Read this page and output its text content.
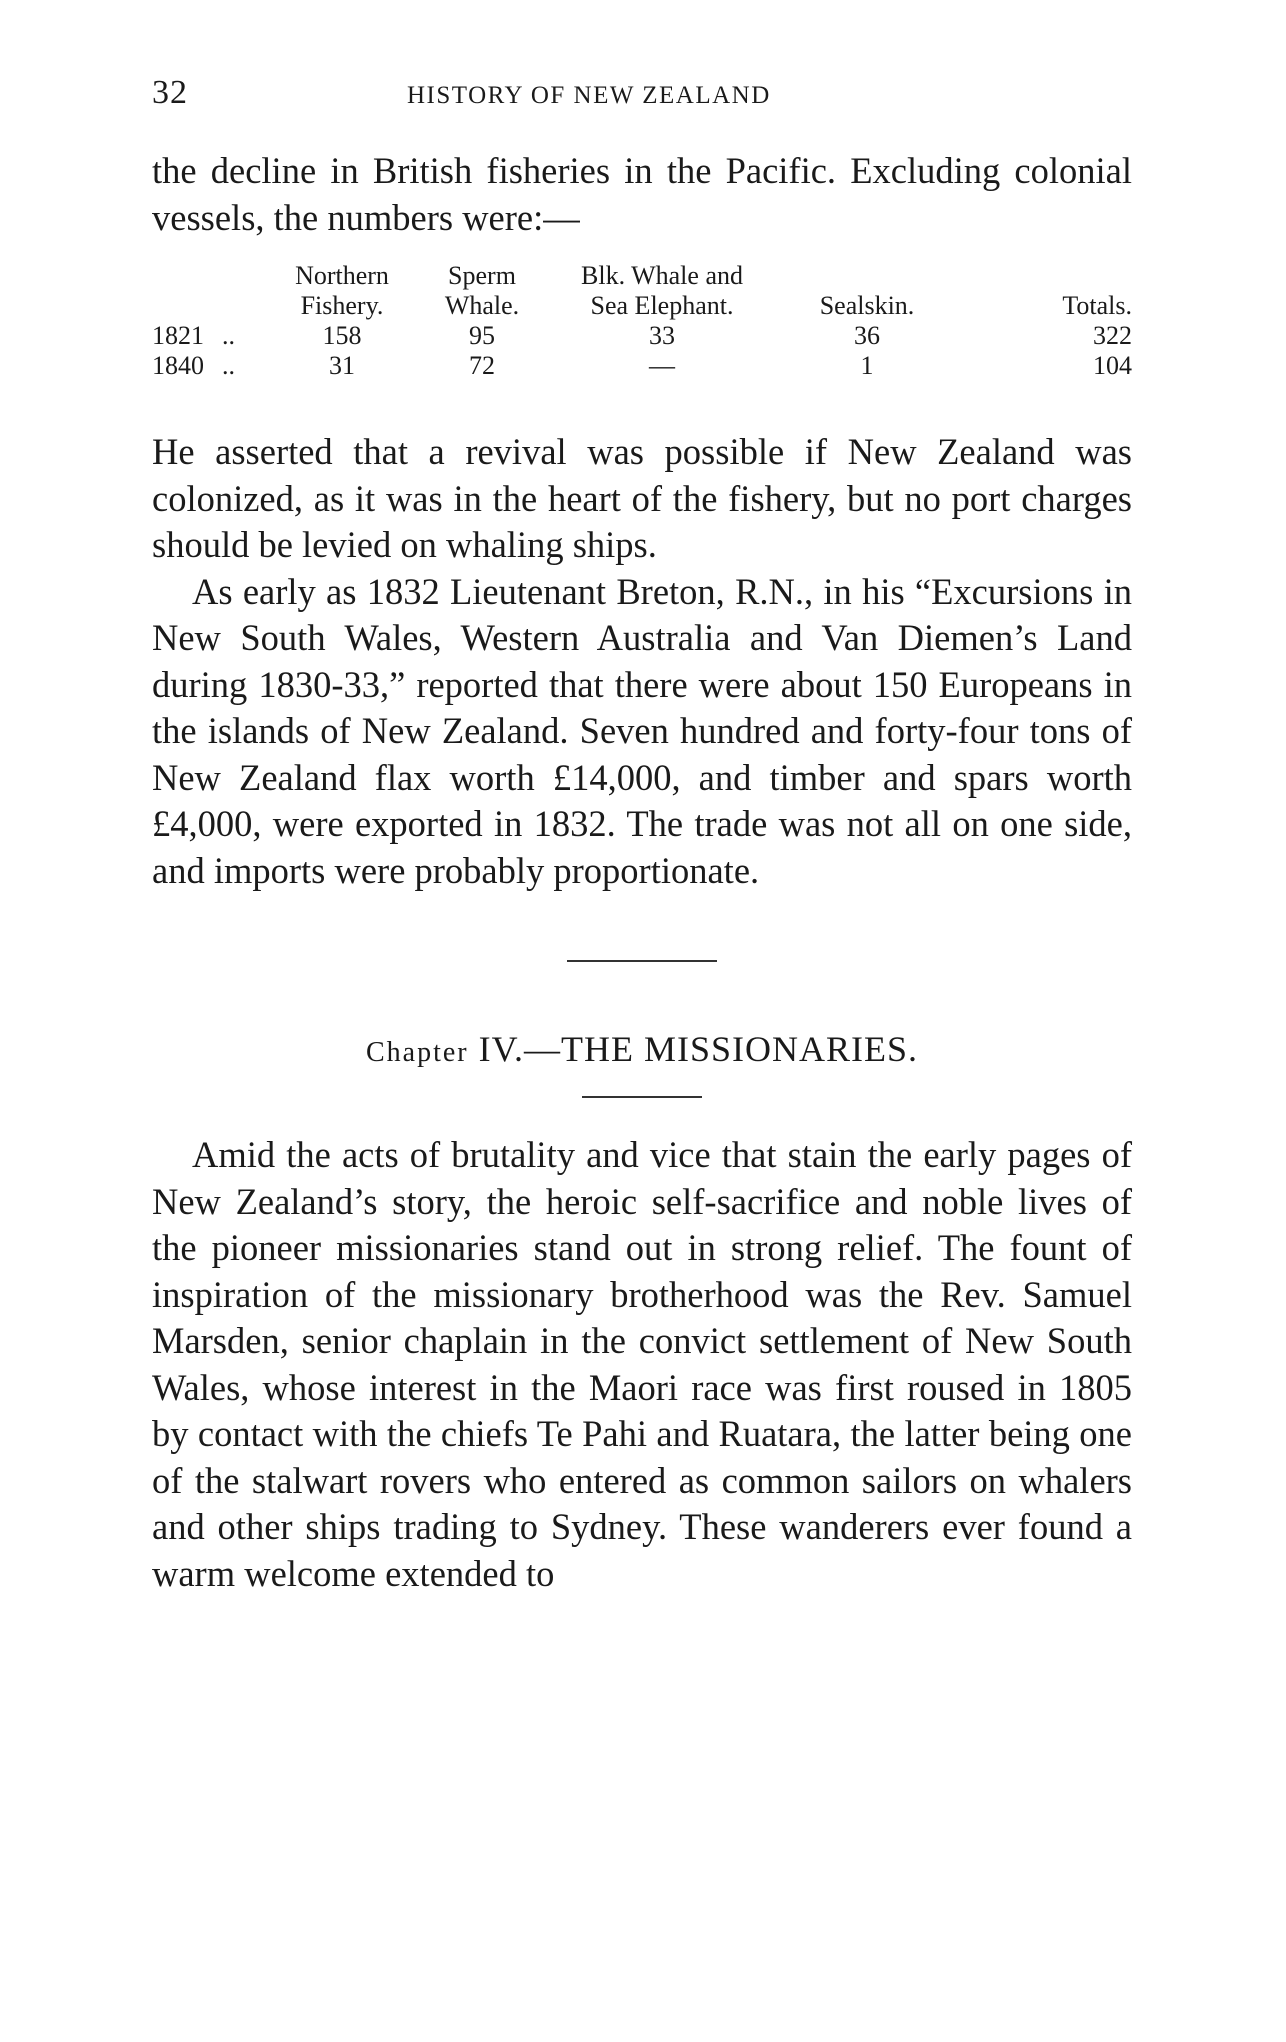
32	HISTORY OF NEW ZEALAND

the decline in British fisheries in the Pacific. Excluding colonial vessels, the numbers were:—

		Northern	Sperm	Blk. Whale and		
		Fishery.	Whale.	Sea Elephant.	Sealskin.	Totals.
1821	..	158	95	33	36	322
1840	..	31	72	—	1	104

He asserted that a revival was possible if New Zealand was colonized, as it was in the heart of the fishery, but no port charges should be levied on whaling ships.

As early as 1832 Lieutenant Breton, R.N., in his “Excursions in New South Wales, Western Australia and Van Diemen’s Land during 1830-33,” reported that there were about 150 Europeans in the islands of New Zealand. Seven hundred and forty-four tons of New Zealand flax worth £14,000, and timber and spars worth £4,000, were exported in 1832. The trade was not all on one side, and imports were probably proportionate.

Chapter IV.—THE MISSIONARIES.

Amid the acts of brutality and vice that stain the early pages of New Zealand’s story, the heroic self-sacrifice and noble lives of the pioneer missionaries stand out in strong relief. The fount of inspiration of the missionary brotherhood was the Rev. Samuel Marsden, senior chaplain in the convict settlement of New South Wales, whose interest in the Maori race was first roused in 1805 by contact with the chiefs Te Pahi and Ruatara, the latter being one of the stalwart rovers who entered as common sailors on whalers and other ships trading to Sydney. These wanderers ever found a warm welcome extended to
